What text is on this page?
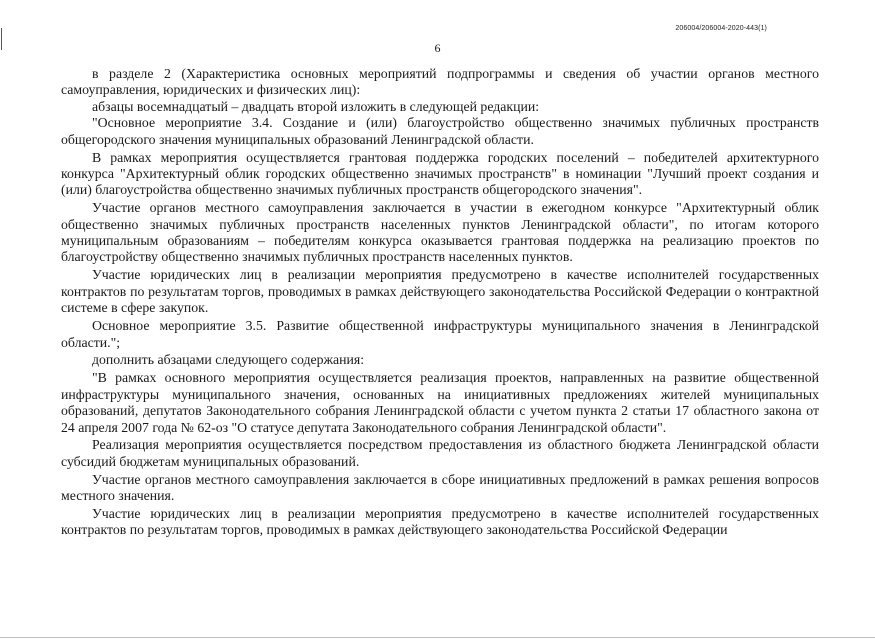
206004/206004-2020-443(1)
6

в разделе 2 (Характеристика основных мероприятий подпрограммы и сведения об участии органов местного самоуправления, юридических и физических лиц):

абзацы восемнадцатый – двадцать второй изложить в следующей редакции:

"Основное мероприятие 3.4. Создание и (или) благоустройство общественно значимых публичных пространств общегородского значения муниципальных образований Ленинградской области.

В рамках мероприятия осуществляется грантовая поддержка городских поселений – победителей архитектурного конкурса "Архитектурный облик городских общественно значимых пространств" в номинации "Лучший проект создания и (или) благоустройства общественно значимых публичных пространств общегородского значения".

Участие органов местного самоуправления заключается в участии в ежегодном конкурсе "Архитектурный облик общественно значимых публичных пространств населенных пунктов Ленинградской области", по итогам которого муниципальным образованиям – победителям конкурса оказывается грантовая поддержка на реализацию проектов по благоустройству общественно значимых публичных пространств населенных пунктов.

Участие юридических лиц в реализации мероприятия предусмотрено в качестве исполнителей государственных контрактов по результатам торгов, проводимых в рамках действующего законодательства Российской Федерации о контрактной системе в сфере закупок.

Основное мероприятие 3.5. Развитие общественной инфраструктуры муниципального значения в Ленинградской области.";

дополнить абзацами следующего содержания:

"В рамках основного мероприятия осуществляется реализация проектов, направленных на развитие общественной инфраструктуры муниципального значения, основанных на инициативных предложениях жителей муниципальных образований, депутатов Законодательного собрания Ленинградской области с учетом пункта 2 статьи 17 областного закона от 24 апреля 2007 года № 62-оз "О статусе депутата Законодательного собрания Ленинградской области".

Реализация мероприятия осуществляется посредством предоставления из областного бюджета Ленинградской области субсидий бюджетам муниципальных образований.

Участие органов местного самоуправления заключается в сборе инициативных предложений в рамках решения вопросов местного значения.

Участие юридических лиц в реализации мероприятия предусмотрено в качестве исполнителей государственных контрактов по результатам торгов, проводимых в рамках действующего законодательства Российской Федерации
